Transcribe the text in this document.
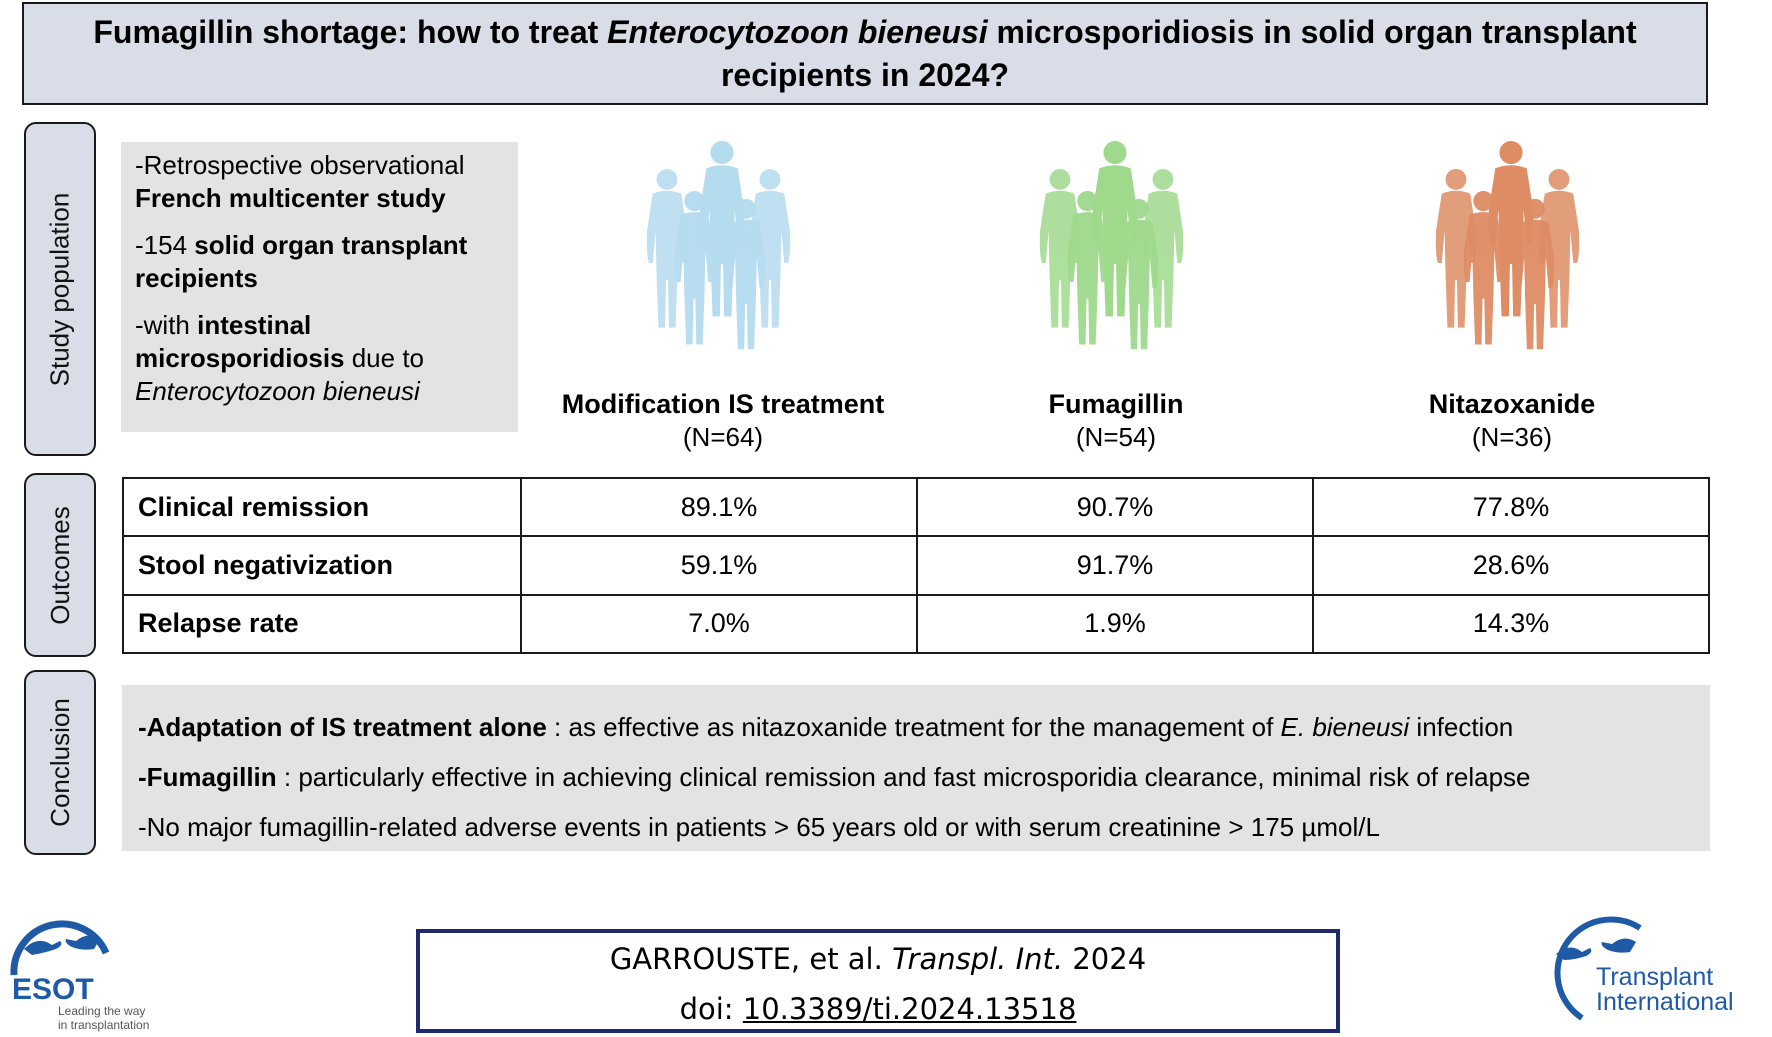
Fumagillin shortage: how to treat Enterocytozoon bieneusi microsporidiosis in solid organ transplant recipients in 2024?
Study population
Outcomes
Conclusion

-Retrospective observational French multicenter study

-154 solid organ transplant recipients

-with intestinal microsporidiosis due to Enterocytozoon bieneusi	Modification IS treatment
(N=64)
Fumagillin
(N=54)
Nitazoxanide
(N=36)
Clinical remission	89.1%	90.7%	77.8%
Stool negativization	59.1%	91.7%	28.6%
Relapse rate	7.0%	1.9%	14.3%

-Adaptation of IS treatment alone : as effective as nitazoxanide treatment for the management of E. bieneusi infection

-Fumagillin : particularly effective in achieving clinical remission and fast microsporidia clearance, minimal risk of relapse

-No major fumagillin-related adverse events in patients > 65 years old or with serum creatinine > 175 µmol/L

GARROUSTE, et al. Transpl. Int. 2024
doi: 10.3389/ti.2024.13518
ESOT
Leading the way
in transplantation
Transplant
International
